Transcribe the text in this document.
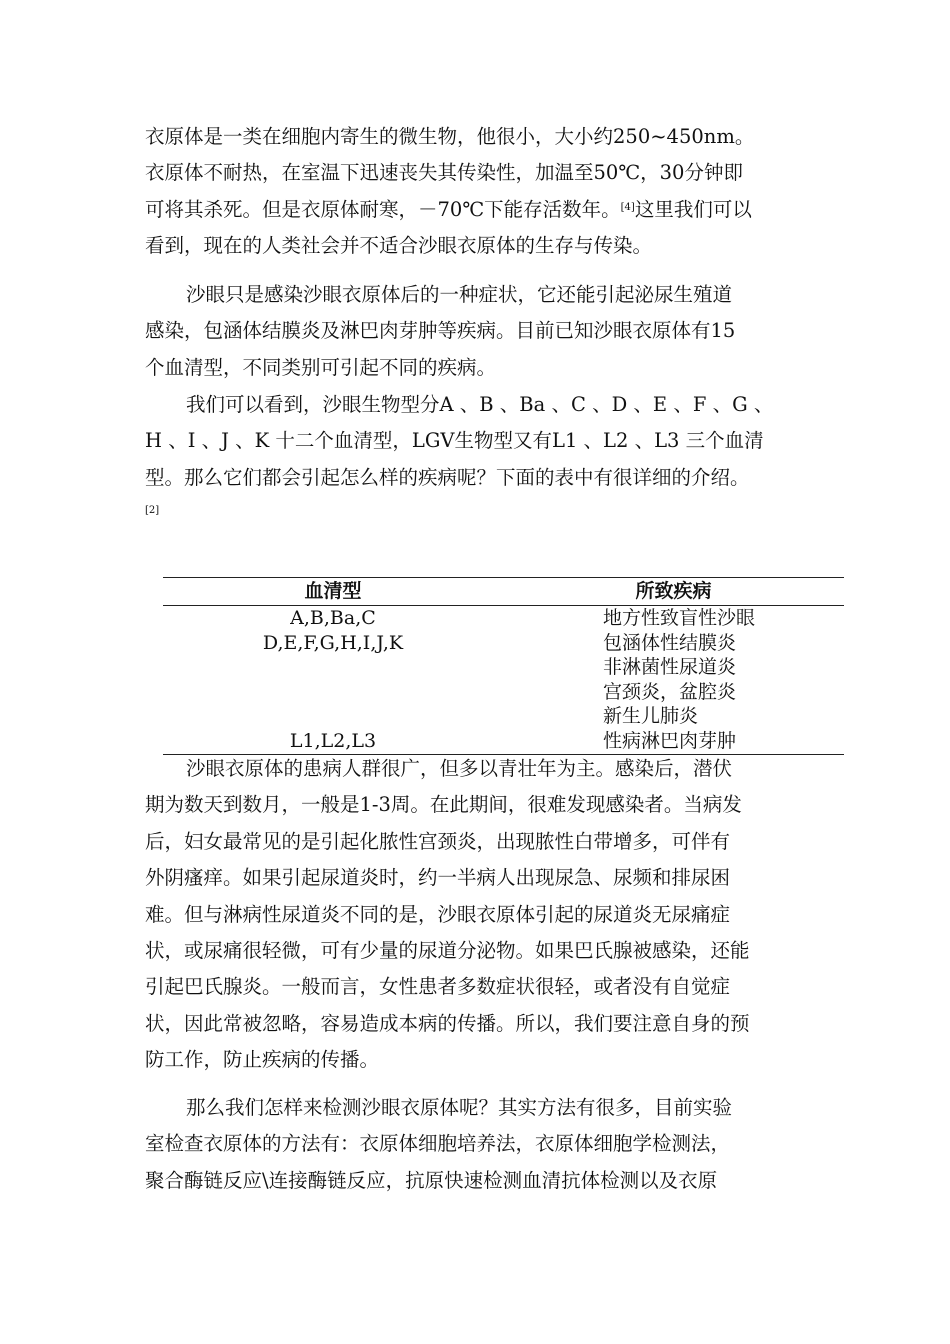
衣原体是一类在细胞内寄生的微生物，他很小，大小约250~450nm。
衣原体不耐热，在室温下迅速丧失其传染性，加温至50℃，30分钟即
可将其杀死。但是衣原体耐寒，－70℃下能存活数年。[4]这里我们可以
看到，现在的人类社会并不适合沙眼衣原体的生存与传染。

沙眼只是感染沙眼衣原体后的一种症状，它还能引起泌尿生殖道
感染，包涵体结膜炎及淋巴肉芽肿等疾病。目前已知沙眼衣原体有15
个血清型，不同类别可引起不同的疾病。

我们可以看到，沙眼生物型分A 、B 、Ba 、C 、D 、E 、F 、G 、
H 、I 、J 、K 十二个血清型，LGV生物型又有L1 、L2 、L3 三个血清
型。那么它们都会引起怎么样的疾病呢？下面的表中有很详细的介绍。

[2]
血清型	所致疾病
A,B,Ba,C	地方性致盲性沙眼
D,E,F,G,H,I,J,K	包涵体性结膜炎
	非淋菌性尿道炎
	宫颈炎，盆腔炎
	新生儿肺炎
L1,L2,L3	性病淋巴肉芽肿

沙眼衣原体的患病人群很广，但多以青壮年为主。感染后，潜伏
期为数天到数月，一般是1-3周。在此期间，很难发现感染者。当病发
后，妇女最常见的是引起化脓性宫颈炎，出现脓性白带增多，可伴有
外阴瘙痒。如果引起尿道炎时，约一半病人出现尿急、尿频和排尿困
难。但与淋病性尿道炎不同的是，沙眼衣原体引起的尿道炎无尿痛症
状，或尿痛很轻微，可有少量的尿道分泌物。如果巴氏腺被感染，还能
引起巴氏腺炎。一般而言，女性患者多数症状很轻，或者没有自觉症
状，因此常被忽略，容易造成本病的传播。所以，我们要注意自身的预
防工作，防止疾病的传播。

那么我们怎样来检测沙眼衣原体呢？其实方法有很多，目前实验
室检查衣原体的方法有：衣原体细胞培养法，衣原体细胞学检测法，
聚合酶链反应\连接酶链反应，抗原快速检测血清抗体检测以及衣原
